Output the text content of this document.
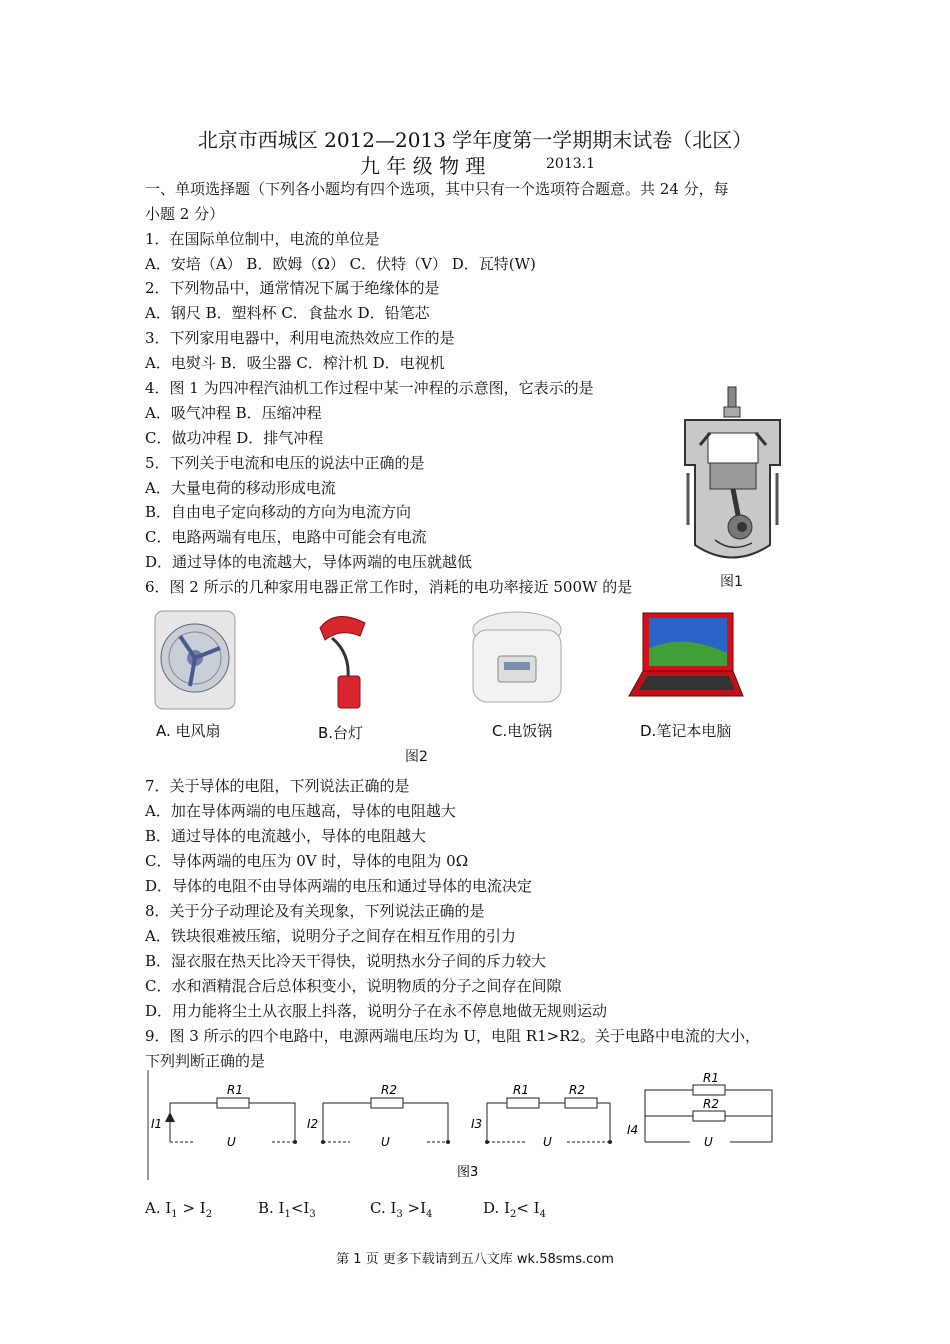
北京市西城区 2012—2013 学年度第一学期期末试卷（北区）
九 年 级 物 理	2013.1
一、单项选择题（下列各小题均有四个选项，其中只有一个选项符合题意。共 24 分，每
小题 2 分）
1．在国际单位制中，电流的单位是
A．安培（A） B．欧姆（Ω） C．伏特（V） D．瓦特(W)
2．下列物品中，通常情况下属于绝缘体的是
A．钢尺 B．塑料杯 C．食盐水 D．铅笔芯
3．下列家用电器中，利用电流热效应工作的是
A．电熨斗 B．吸尘器 C．榨汁机 D．电视机
4．图 1 为四冲程汽油机工作过程中某一冲程的示意图，它表示的是
A．吸气冲程 B．压缩冲程
C．做功冲程 D．排气冲程
5．下列关于电流和电压的说法中正确的是
A．大量电荷的移动形成电流
B．自由电子定向移动的方向为电流方向
C．电路两端有电压，电路中可能会有电流
D．通过导体的电流越大，导体两端的电压就越低
图1
6．图 2 所示的几种家用电器正常工作时，消耗的电功率接近 500W 的是
A. 电风扇	B.台灯	C.电饭锅	D.笔记本电脑
图2
7．关于导体的电阻，下列说法正确的是
A．加在导体两端的电压越高，导体的电阻越大
B．通过导体的电流越小，导体的电阻越大
C．导体两端的电压为 0V 时，导体的电阻为 0Ω
D．导体的电阻不由导体两端的电压和通过导体的电流决定
8．关于分子动理论及有关现象，下列说法正确的是
A．铁块很难被压缩，说明分子之间存在相互作用的引力
B．湿衣服在热天比冷天干得快，说明热水分子间的斥力较大
C．水和酒精混合后总体积变小，说明物质的分子之间存在间隙
D．用力能将尘土从衣服上抖落，说明分子在永不停息地做无规则运动
9．图 3 所示的四个电路中，电源两端电压均为 U，电阻 R1>R2。关于电路中电流的大小，
下列判断正确的是
I1
R1
U
I2
R2
U
I3
R1	R2
U
I4
R1
R2
U
图3
A. $I_1 > I_2$	B. $I_1<I_3$	C. $I_3 >I_4$	D. $I_2< I_4$
第 1 页 更多下载请到五八文库 wk.58sms.com
